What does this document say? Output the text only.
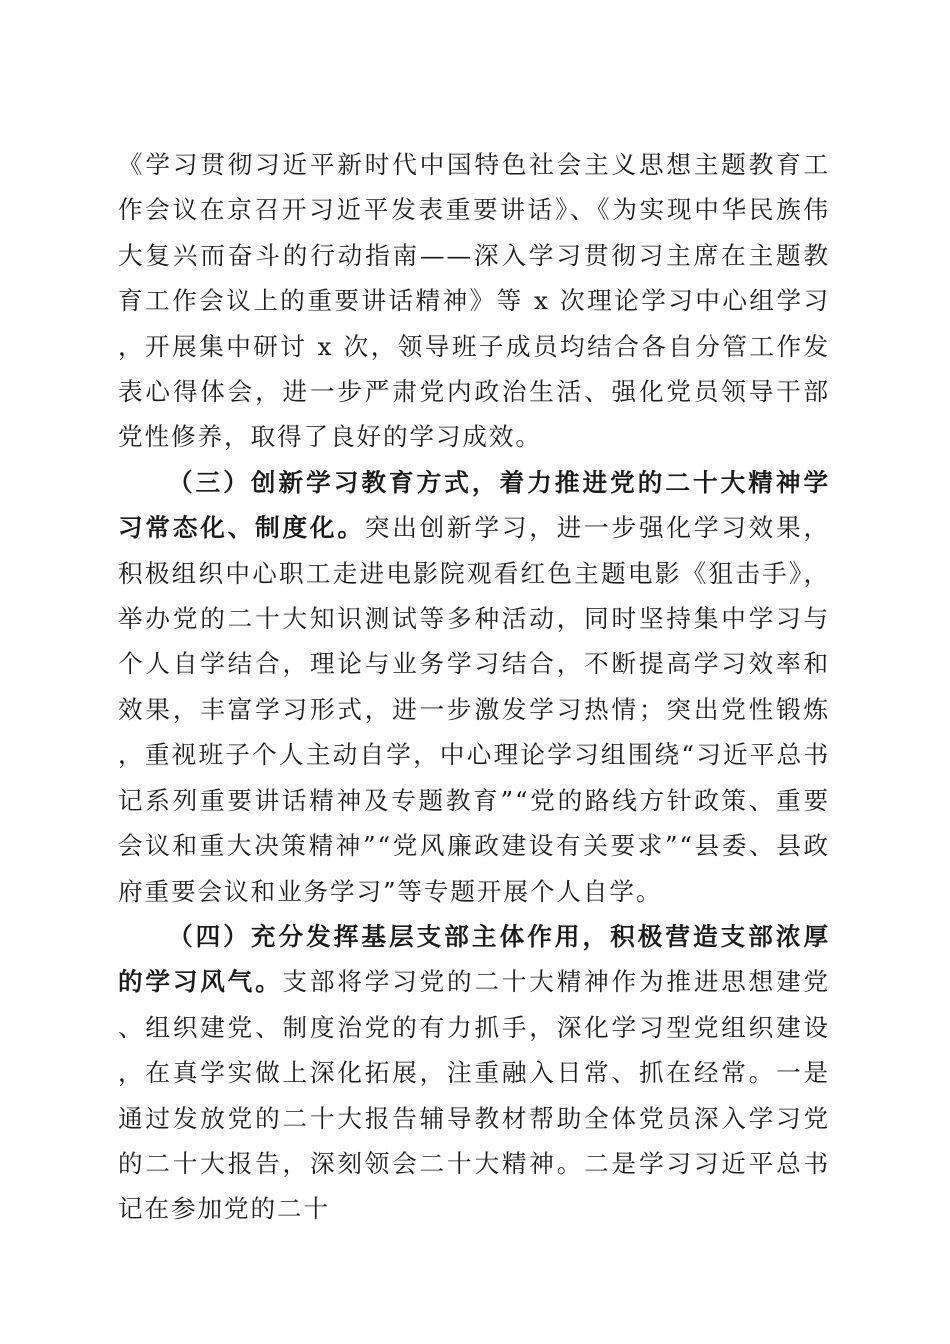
《学习贯彻习近平新时代中国特色社会主义思想主题教育工作会议在京召开习近平发表重要讲话》、《为实现中华民族伟大复兴而奋斗的行动指南——深入学习贯彻习主席在主题教育工作会议上的重要讲话精神》等 x 次理论学习中心组学习，开展集中研讨 x 次，领导班子成员均结合各自分管工作发表心得体会，进一步严肃党内政治生活、强化党员领导干部党性修养，取得了良好的学习成效。

（三）创新学习教育方式，着力推进党的二十大精神学习常态化、制度化。突出创新学习，进一步强化学习效果，积极组织中心职工走进电影院观看红色主题电影《狙击手》，举办党的二十大知识测试等多种活动，同时坚持集中学习与个人自学结合，理论与业务学习结合，不断提高学习效率和效果，丰富学习形式，进一步激发学习热情；突出党性锻炼，重视班子个人主动自学，中心理论学习组围绕“习近平总书记系列重要讲话精神及专题教育”“党的路线方针政策、重要会议和重大决策精神”“党风廉政建设有关要求”“县委、县政府重要会议和业务学习”等专题开展个人自学。

（四）充分发挥基层支部主体作用，积极营造支部浓厚的学习风气。支部将学习党的二十大精神作为推进思想建党、组织建党、制度治党的有力抓手，深化学习型党组织建设，在真学实做上深化拓展，注重融入日常、抓在经常。一是通过发放党的二十大报告辅导教材帮助全体党员深入学习党的二十大报告，深刻领会二十大精神。二是学习习近平总书记在参加党的二十
